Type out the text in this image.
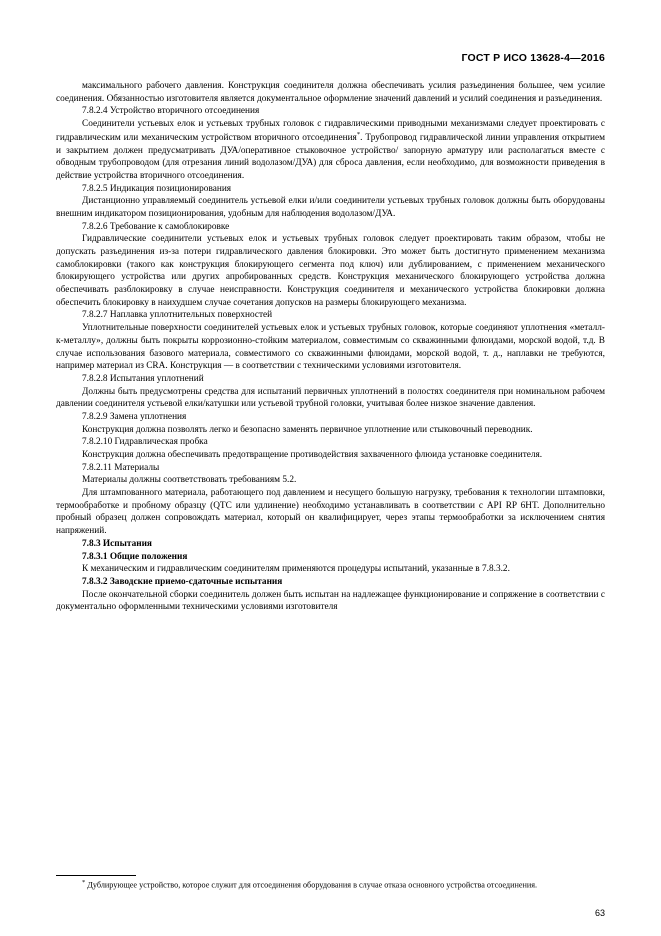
ГОСТ Р ИСО 13628-4—2016

максимального рабочего давления. Конструкция соединителя должна обеспечивать усилия разъединения большее, чем усилие соединения. Обязанностью изготовителя является документальное оформление значений давлений и усилий соединения и разъединения.

7.8.2.4 Устройство вторичного отсоединения

Соединители устьевых елок и устьевых трубных головок с гидравлическими приводными механизмами следует проектировать с гидравлическим или механическим устройством вторичного отсоединения*. Трубопровод гидравлической линии управления открытием и закрытием должен предусматривать ДУА/оперативное стыковочное устройство/ запорную арматуру или располагаться вместе с обводным трубопроводом (для отрезания линий водолазом/ДУА) для сброса давления, если необходимо, для возможности приведения в действие устройства вторичного отсоединения.

7.8.2.5 Индикация позиционирования

Дистанционно управляемый соединитель устьевой елки и/или соединители устьевых трубных головок должны быть оборудованы внешним индикатором позиционирования, удобным для наблюдения водолазом/ДУА.

7.8.2.6 Требование к самоблокировке

Гидравлические соединители устьевых елок и устьевых трубных головок следует проектировать таким образом, чтобы не допускать разъединения из-за потери гидравлического давления блокировки. Это может быть достигнуто применением механизма самоблокировки (такого как конструкция блокирующего сегмента под ключ) или дублированием, с применением механического блокирующего устройства или других апробированных средств. Конструкция механического блокирующего устройства должна обеспечивать разблокировку в случае неисправности. Конструкция соединителя и механического устройства блокировки должна обеспечить блокировку в наихудшем случае сочетания допусков на размеры блокирующего механизма.

7.8.2.7 Наплавка уплотнительных поверхностей

Уплотнительные поверхности соединителей устьевых елок и устьевых трубных головок, которые соединяют уплотнения «металл-к-металлу», должны быть покрыты коррозионно-стойким материалом, совместимым со скважинными флюидами, морской водой, т.д. В случае использования базового материала, совместимого со скважинными флюидами, морской водой, т. д., наплавки не требуются, например материал из CRA. Конструкция — в соответствии с техническими условиями изготовителя.

7.8.2.8 Испытания уплотнений

Должны быть предусмотрены средства для испытаний первичных уплотнений в полостях соединителя при номинальном рабочем давлении соединителя устьевой елки/катушки или устьевой трубной головки, учитывая более низкое значение давления.

7.8.2.9 Замена уплотнения

Конструкция должна позволять легко и безопасно заменять первичное уплотнение или стыковочный переводник.

7.8.2.10 Гидравлическая пробка

Конструкция должна обеспечивать предотвращение противодействия захваченного флюида установке соединителя.

7.8.2.11 Материалы

Материалы должны соответствовать требованиям 5.2.

Для штампованного материала, работающего под давлением и несущего большую нагрузку, требования к технологии штамповки, термообработке и пробному образцу (QTC или удлинение) необходимо устанавливать в соответствии с API RP 6HT. Дополнительно пробный образец должен сопровождать материал, который он квалифицирует, через этапы термообработки за исключением снятия напряжений.

7.8.3 Испытания

7.8.3.1 Общие положения

К механическим и гидравлическим соединителям применяются процедуры испытаний, указанные в 7.8.3.2.

7.8.3.2 Заводские приемо-сдаточные испытания

После окончательной сборки соединитель должен быть испытан на надлежащее функционирование и сопряжение в соответствии с документально оформленными техническими условиями изготовителя

* Дублирующее устройство, которое служит для отсоединения оборудования в случае отказа основного устройства отсоединения.

63
